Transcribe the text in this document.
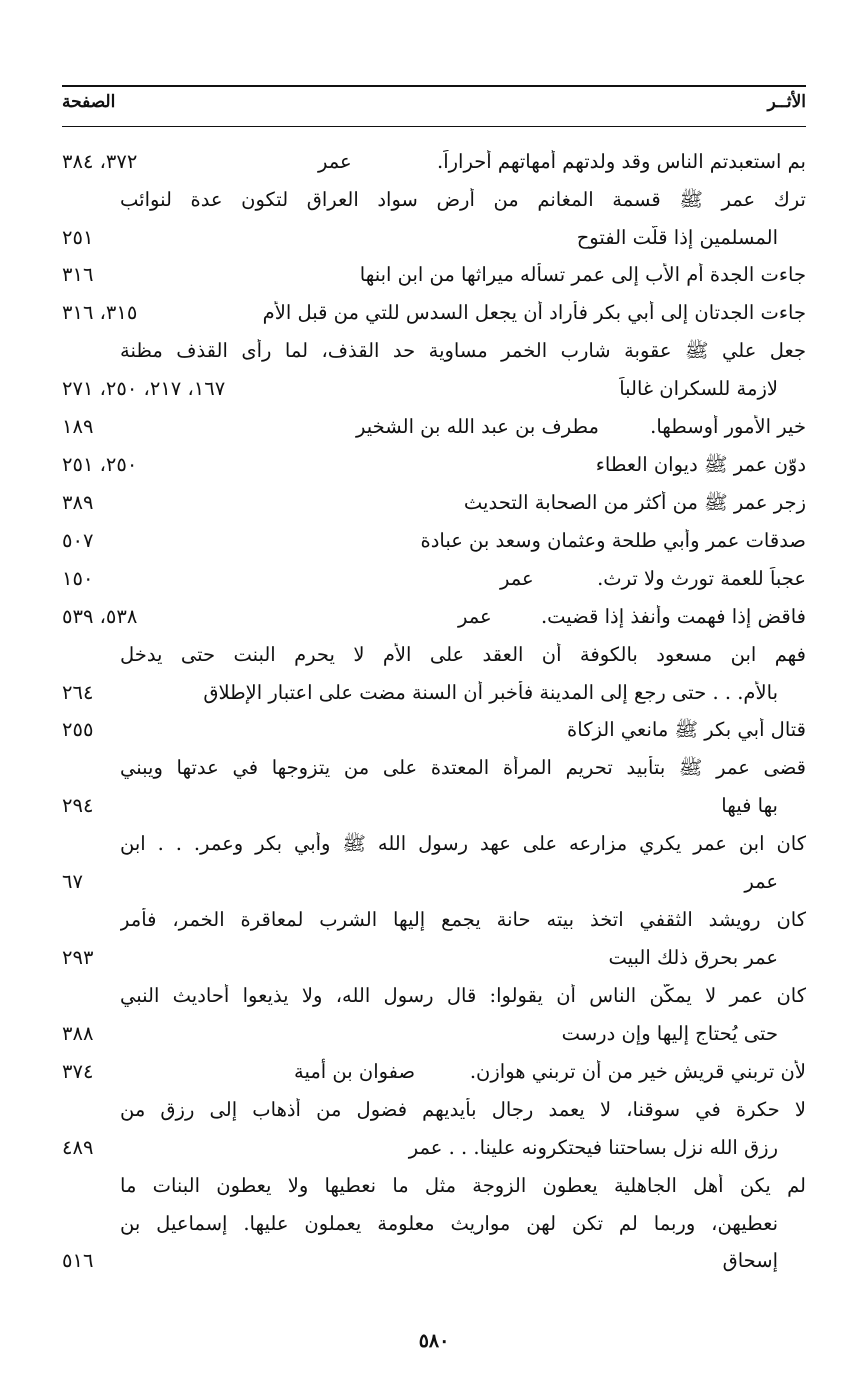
الأثــر
الصفحة
بم استعبدتم الناس وقد ولدتهم أمهاتهم أحراراً.
عمر
٣٧٢، ٣٨٤
ترك عمر ﷺ قسمة المغانم من أرض سواد العراق لتكون عدة لنوائب
المسلمين إذا قلّت الفتوح
٢٥١
جاءت الجدة أم الأب إلى عمر تسأله ميراثها من ابن ابنها
٣١٦
جاءت الجدتان إلى أبي بكر فأراد أن يجعل السدس للتي من قبل الأم
٣١٥، ٣١٦
جعل علي ﷺ عقوبة شارب الخمر مساوية حد القذف، لما رأى القذف مظنة
لازمة للسكران غالباً
١٦٧، ٢١٧، ٢٥٠، ٢٧١
خير الأمور أوسطها.
مطرف بن عبد الله بن الشخير
١٨٩
دوّن عمر ﷺ ديوان العطاء
٢٥٠، ٢٥١
زجر عمر ﷺ من أكثر من الصحابة التحديث
٣٨٩
صدقات عمر وأبي طلحة وعثمان وسعد بن عبادة
٥٠٧
عجباً للعمة تورث ولا ترث.
عمر
١٥٠
فاقض إذا فهمت وأنفذ إذا قضيت.
عمر
٥٣٨، ٥٣٩
فهم ابن مسعود بالكوفة أن العقد على الأم لا يحرم البنت حتى يدخل
بالأم. . . حتى رجع إلى المدينة فأخبر أن السنة مضت على اعتبار الإطلاق
٢٦٤
قتال أبي بكر ﷺ مانعي الزكاة
٢٥٥
قضى عمر ﷺ بتأبيد تحريم المرأة المعتدة على من يتزوجها في عدتها ويبني
بها فيها
٢٩٤
كان ابن عمر يكري مزارعه على عهد رسول الله ﷺ وأبي بكر وعمر. . . ابن
عمر
٦٧
كان رويشد الثقفي اتخذ بيته حانة يجمع إليها الشرب لمعاقرة الخمر، فأمر
عمر بحرق ذلك البيت
٢٩٣
كان عمر لا يمكّن الناس أن يقولوا: قال رسول الله، ولا يذيعوا أحاديث النبي
حتى يُحتاج إليها وإن درست
٣٨٨
لأن تربني قريش خير من أن تربني هوازن.
صفوان بن أمية
٣٧٤
لا حكرة في سوقنا، لا يعمد رجال بأيديهم فضول من أذهاب إلى رزق من
رزق الله نزل بساحتنا فيحتكرونه علينا. . . عمر
٤٨٩
لم يكن أهل الجاهلية يعطون الزوجة مثل ما نعطيها ولا يعطون البنات ما
نعطيهن، وربما لم تكن لهن مواريث معلومة يعملون عليها. إسماعيل بن
إسحاق
٥١٦
٥٨٠
